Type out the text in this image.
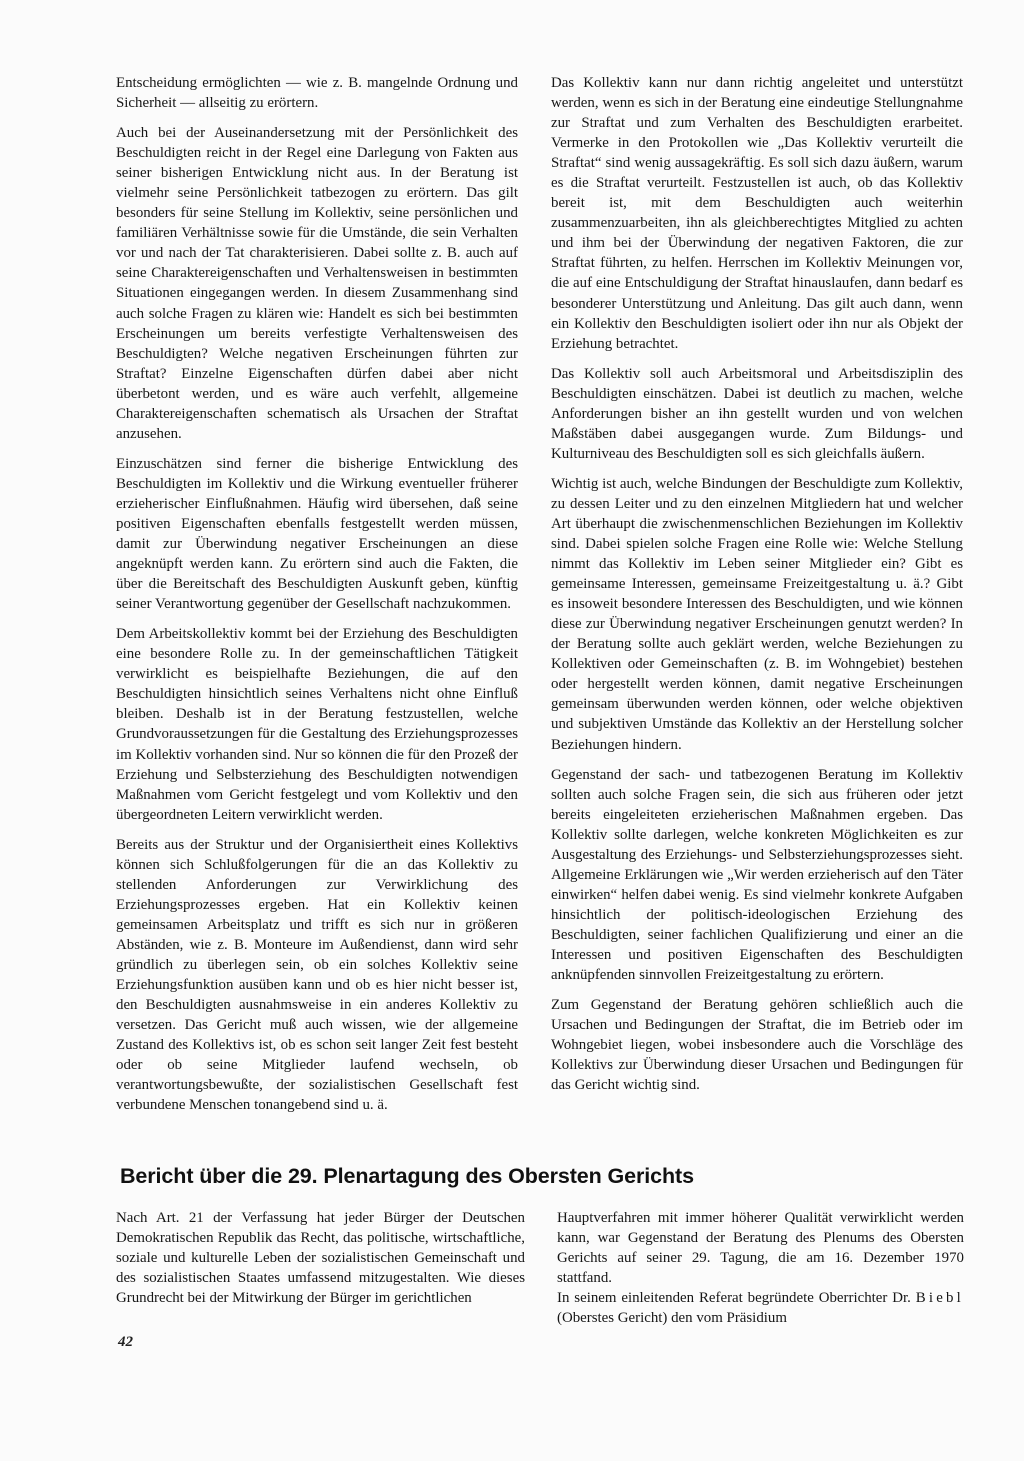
Entscheidung ermöglichten — wie z. B. mangelnde Ordnung und Sicherheit — allseitig zu erörtern.

Auch bei der Auseinandersetzung mit der Persönlichkeit des Beschuldigten reicht in der Regel eine Darlegung von Fakten aus seiner bisherigen Entwicklung nicht aus. In der Beratung ist vielmehr seine Persönlichkeit tatbezogen zu erörtern. Das gilt besonders für seine Stellung im Kollektiv, seine persönlichen und familiären Verhältnisse sowie für die Umstände, die sein Verhalten vor und nach der Tat charakterisieren. Dabei sollte z. B. auch auf seine Charaktereigenschaften und Verhaltensweisen in bestimmten Situationen eingegangen werden. In diesem Zusammenhang sind auch solche Fragen zu klären wie: Handelt es sich bei bestimmten Erscheinungen um bereits verfestigte Verhaltensweisen des Beschuldigten? Welche negativen Erscheinungen führten zur Straftat? Einzelne Eigenschaften dürfen dabei aber nicht überbetont werden, und es wäre auch verfehlt, allgemeine Charaktereigenschaften schematisch als Ursachen der Straftat anzusehen.

Einzuschätzen sind ferner die bisherige Entwicklung des Beschuldigten im Kollektiv und die Wirkung eventueller früherer erzieherischer Einflußnahmen. Häufig wird übersehen, daß seine positiven Eigenschaften ebenfalls festgestellt werden müssen, damit zur Überwindung negativer Erscheinungen an diese angeknüpft werden kann. Zu erörtern sind auch die Fakten, die über die Bereitschaft des Beschuldigten Auskunft geben, künftig seiner Verantwortung gegenüber der Gesellschaft nachzukommen.

Dem Arbeitskollektiv kommt bei der Erziehung des Beschuldigten eine besondere Rolle zu. In der gemeinschaftlichen Tätigkeit verwirklicht es beispielhafte Beziehungen, die auf den Beschuldigten hinsichtlich seines Verhaltens nicht ohne Einfluß bleiben. Deshalb ist in der Beratung festzustellen, welche Grundvoraussetzungen für die Gestaltung des Erziehungsprozesses im Kollektiv vorhanden sind. Nur so können die für den Prozeß der Erziehung und Selbsterziehung des Beschuldigten notwendigen Maßnahmen vom Gericht festgelegt und vom Kollektiv und den übergeordneten Leitern verwirklicht werden.

Bereits aus der Struktur und der Organisiertheit eines Kollektivs können sich Schlußfolgerungen für die an das Kollektiv zu stellenden Anforderungen zur Verwirklichung des Erziehungsprozesses ergeben. Hat ein Kollektiv keinen gemeinsamen Arbeitsplatz und trifft es sich nur in größeren Abständen, wie z. B. Monteure im Außendienst, dann wird sehr gründlich zu überlegen sein, ob ein solches Kollektiv seine Erziehungsfunktion ausüben kann und ob es hier nicht besser ist, den Beschuldigten ausnahmsweise in ein anderes Kollektiv zu versetzen. Das Gericht muß auch wissen, wie der allgemeine Zustand des Kollektivs ist, ob es schon seit langer Zeit fest besteht oder ob seine Mitglieder laufend wechseln, ob verantwortungsbewußte, der sozialistischen Gesellschaft fest verbundene Menschen tonangebend sind u. ä.

Das Kollektiv kann nur dann richtig angeleitet und unterstützt werden, wenn es sich in der Beratung eine eindeutige Stellungnahme zur Straftat und zum Verhalten des Beschuldigten erarbeitet. Vermerke in den Protokollen wie „Das Kollektiv verurteilt die Straftat“ sind wenig aussagekräftig. Es soll sich dazu äußern, warum es die Straftat verurteilt. Festzustellen ist auch, ob das Kollektiv bereit ist, mit dem Beschuldigten auch weiterhin zusammenzuarbeiten, ihn als gleichberechtigtes Mitglied zu achten und ihm bei der Überwindung der negativen Faktoren, die zur Straftat führten, zu helfen. Herrschen im Kollektiv Meinungen vor, die auf eine Entschuldigung der Straftat hinauslaufen, dann bedarf es besonderer Unterstützung und Anleitung. Das gilt auch dann, wenn ein Kollektiv den Beschuldigten isoliert oder ihn nur als Objekt der Erziehung betrachtet.

Das Kollektiv soll auch Arbeitsmoral und Arbeitsdisziplin des Beschuldigten einschätzen. Dabei ist deutlich zu machen, welche Anforderungen bisher an ihn gestellt wurden und von welchen Maßstäben dabei ausgegangen wurde. Zum Bildungs- und Kulturniveau des Beschuldigten soll es sich gleichfalls äußern.

Wichtig ist auch, welche Bindungen der Beschuldigte zum Kollektiv, zu dessen Leiter und zu den einzelnen Mitgliedern hat und welcher Art überhaupt die zwischenmenschlichen Beziehungen im Kollektiv sind. Dabei spielen solche Fragen eine Rolle wie: Welche Stellung nimmt das Kollektiv im Leben seiner Mitglieder ein? Gibt es gemeinsame Interessen, gemeinsame Freizeitgestaltung u. ä.? Gibt es insoweit besondere Interessen des Beschuldigten, und wie können diese zur Überwindung negativer Erscheinungen genutzt werden? In der Beratung sollte auch geklärt werden, welche Beziehungen zu Kollektiven oder Gemeinschaften (z. B. im Wohngebiet) bestehen oder hergestellt werden können, damit negative Erscheinungen gemeinsam überwunden werden können, oder welche objektiven und subjektiven Umstände das Kollektiv an der Herstellung solcher Beziehungen hindern.

Gegenstand der sach- und tatbezogenen Beratung im Kollektiv sollten auch solche Fragen sein, die sich aus früheren oder jetzt bereits eingeleiteten erzieherischen Maßnahmen ergeben. Das Kollektiv sollte darlegen, welche konkreten Möglichkeiten es zur Ausgestaltung des Erziehungs- und Selbsterziehungsprozesses sieht. Allgemeine Erklärungen wie „Wir werden erzieherisch auf den Täter einwirken“ helfen dabei wenig. Es sind vielmehr konkrete Aufgaben hinsichtlich der politisch-ideologischen Erziehung des Beschuldigten, seiner fachlichen Qualifizierung und einer an die Interessen und positiven Eigenschaften des Beschuldigten anknüpfenden sinnvollen Freizeitgestaltung zu erörtern.

Zum Gegenstand der Beratung gehören schließlich auch die Ursachen und Bedingungen der Straftat, die im Betrieb oder im Wohngebiet liegen, wobei insbesondere auch die Vorschläge des Kollektivs zur Überwindung dieser Ursachen und Bedingungen für das Gericht wichtig sind.

Bericht über die 29. Plenartagung des Obersten Gerichts

Nach Art. 21 der Verfassung hat jeder Bürger der Deutschen Demokratischen Republik das Recht, das politische, wirtschaftliche, soziale und kulturelle Leben der sozialistischen Gemeinschaft und des sozialistischen Staates umfassend mitzugestalten. Wie dieses Grundrecht bei der Mitwirkung der Bürger im gerichtlichen

Hauptverfahren mit immer höherer Qualität verwirklicht werden kann, war Gegenstand der Beratung des Plenums des Obersten Gerichts auf seiner 29. Tagung, die am 16. Dezember 1970 stattfand.

In seinem einleitenden Referat begründete Oberrichter Dr. Biebl (Oberstes Gericht) den vom Präsidium

42
